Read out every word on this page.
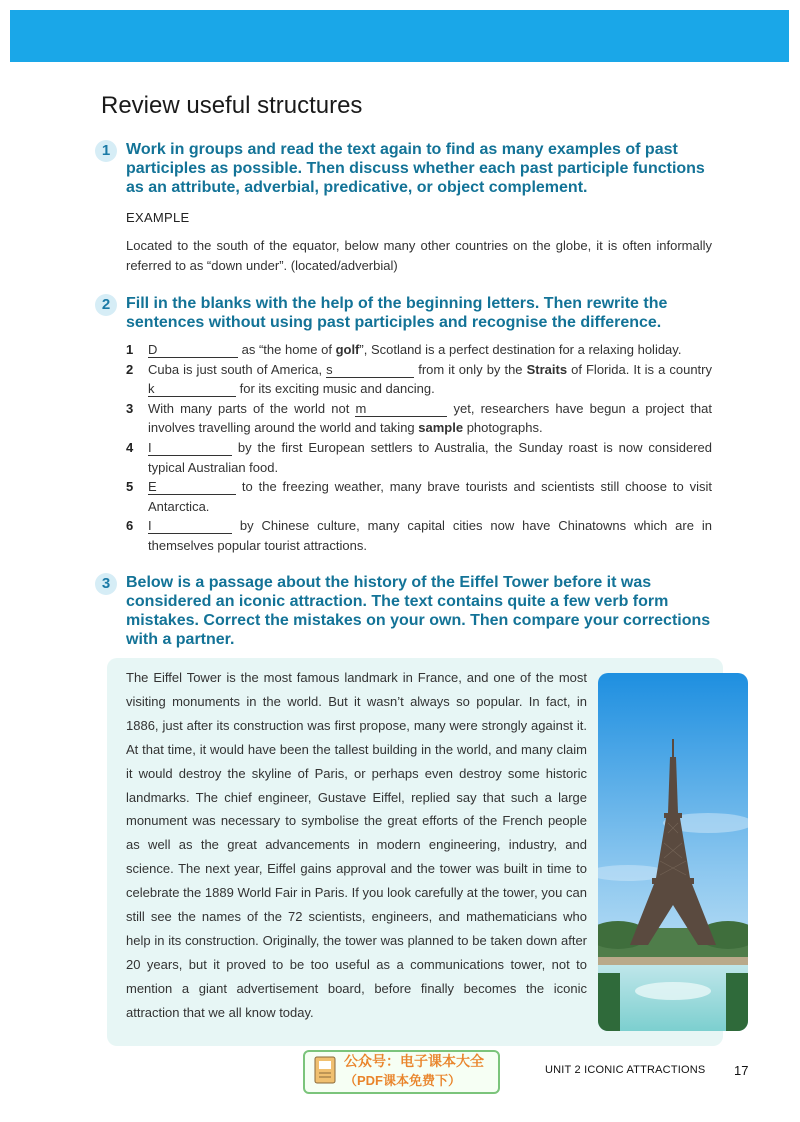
Review useful structures
1 Work in groups and read the text again to find as many examples of past participles as possible. Then discuss whether each past participle functions as an attribute, adverbial, predicative, or object complement.

EXAMPLE

Located to the south of the equator, below many other countries on the globe, it is often informally referred to as “down under”. (located/adverbial)

2 Fill in the blanks with the help of the beginning letters. Then rewrite the sentences without using past participles and recognise the difference.

1	D	as “the home of golf”, Scotland is a perfect destination for a relaxing holiday.
2	Cuba is just south of America, s	from it only by the Straits of Florida. It is a country k	for its exciting music and dancing.
3	With many parts of the world not m	yet, researchers have begun a project that involves travelling around the world and taking sample photographs.
4	I	by the first European settlers to Australia, the Sunday roast is now considered typical Australian food.
5	E	to the freezing weather, many brave tourists and scientists still choose to visit Antarctica.
6	I	by Chinese culture, many capital cities now have Chinatowns which are in themselves popular tourist attractions.
3 Below is a passage about the history of the Eiffel Tower before it was considered an iconic attraction. The text contains quite a few verb form mistakes. Correct the mistakes on your own. Then compare your corrections with a partner.

The Eiffel Tower is the most famous landmark in France, and one of the most visiting monuments in the world. But it wasn’t always so popular. In fact, in 1886, just after its construction was first propose, many were strongly against it. At that time, it would have been the tallest building in the world, and many claim it would destroy the skyline of Paris, or perhaps even destroy some historic landmarks. The chief engineer, Gustave Eiffel, replied say that such a large monument was necessary to symbolise the great efforts of the French people as well as the great advancements in modern engineering, industry, and science. The next year, Eiffel gains approval and the tower was built in time to celebrate the 1889 World Fair in Paris. If you look carefully at the tower, you can still see the names of the 72 scientists, engineers, and mathematicians who help in its construction. Originally, the tower was planned to be taken down after 20 years, but it proved to be too useful as a communications tower, not to mention a giant advertisement board, before finally becomes the iconic attraction that we all know today.

公众号：电子课本大全
（PDF课本免费下）
UNIT 2 ICONIC ATTRACTIONS 17
